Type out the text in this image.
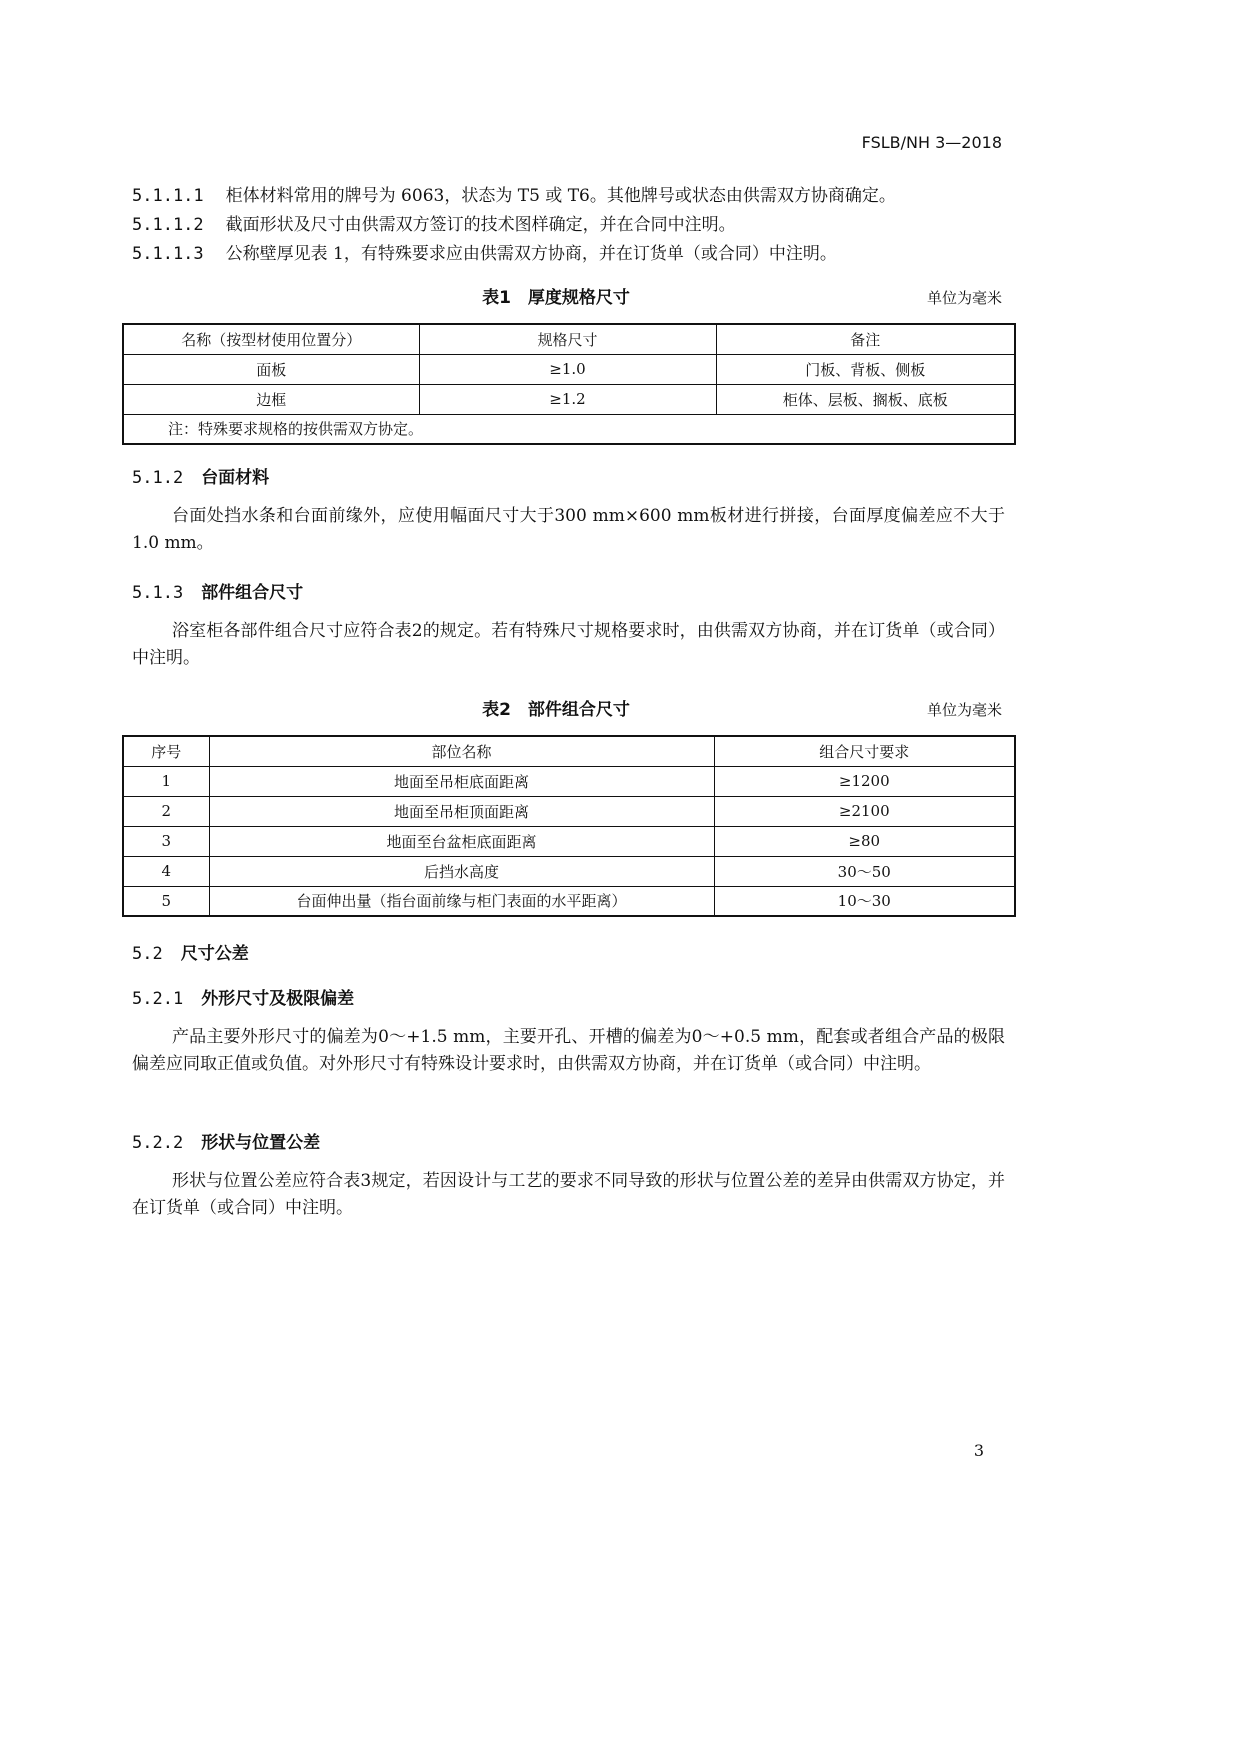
FSLB/NH 3—2018
5.1.1.1 柜体材料常用的牌号为 6063，状态为 T5 或 T6。其他牌号或状态由供需双方协商确定。
5.1.1.2 截面形状及尺寸由供需双方签订的技术图样确定，并在合同中注明。
5.1.1.3 公称壁厚见表 1，有特殊要求应由供需双方协商，并在订货单（或合同）中注明。
表1　厚度规格尺寸	单位为毫米
名称（按型材使用位置分）	规格尺寸	备注
面板	≥1.0	门板、背板、侧板
边框	≥1.2	柜体、层板、搁板、底板
注：特殊要求规格的按供需双方协定。		
5.1.2 台面材料
台面处挡水条和台面前缘外，应使用幅面尺寸大于300 mm×600 mm板材进行拼接，台面厚度偏差应不大于1.0 mm。
5.1.3 部件组合尺寸
浴室柜各部件组合尺寸应符合表2的规定。若有特殊尺寸规格要求时，由供需双方协商，并在订货单（或合同）中注明。
表2　部件组合尺寸	单位为毫米
序号	部位名称	组合尺寸要求
1	地面至吊柜底面距离	≥1200
2	地面至吊柜顶面距离	≥2100
3	地面至台盆柜底面距离	≥80
4	后挡水高度	30～50
5	台面伸出量（指台面前缘与柜门表面的水平距离）	10～30
5.2 尺寸公差
5.2.1 外形尺寸及极限偏差
产品主要外形尺寸的偏差为0～+1.5 mm，主要开孔、开槽的偏差为0～+0.5 mm，配套或者组合产品的极限偏差应同取正值或负值。对外形尺寸有特殊设计要求时，由供需双方协商，并在订货单（或合同）中注明。
5.2.2 形状与位置公差
形状与位置公差应符合表3规定，若因设计与工艺的要求不同导致的形状与位置公差的差异由供需双方协定，并在订货单（或合同）中注明。
3
